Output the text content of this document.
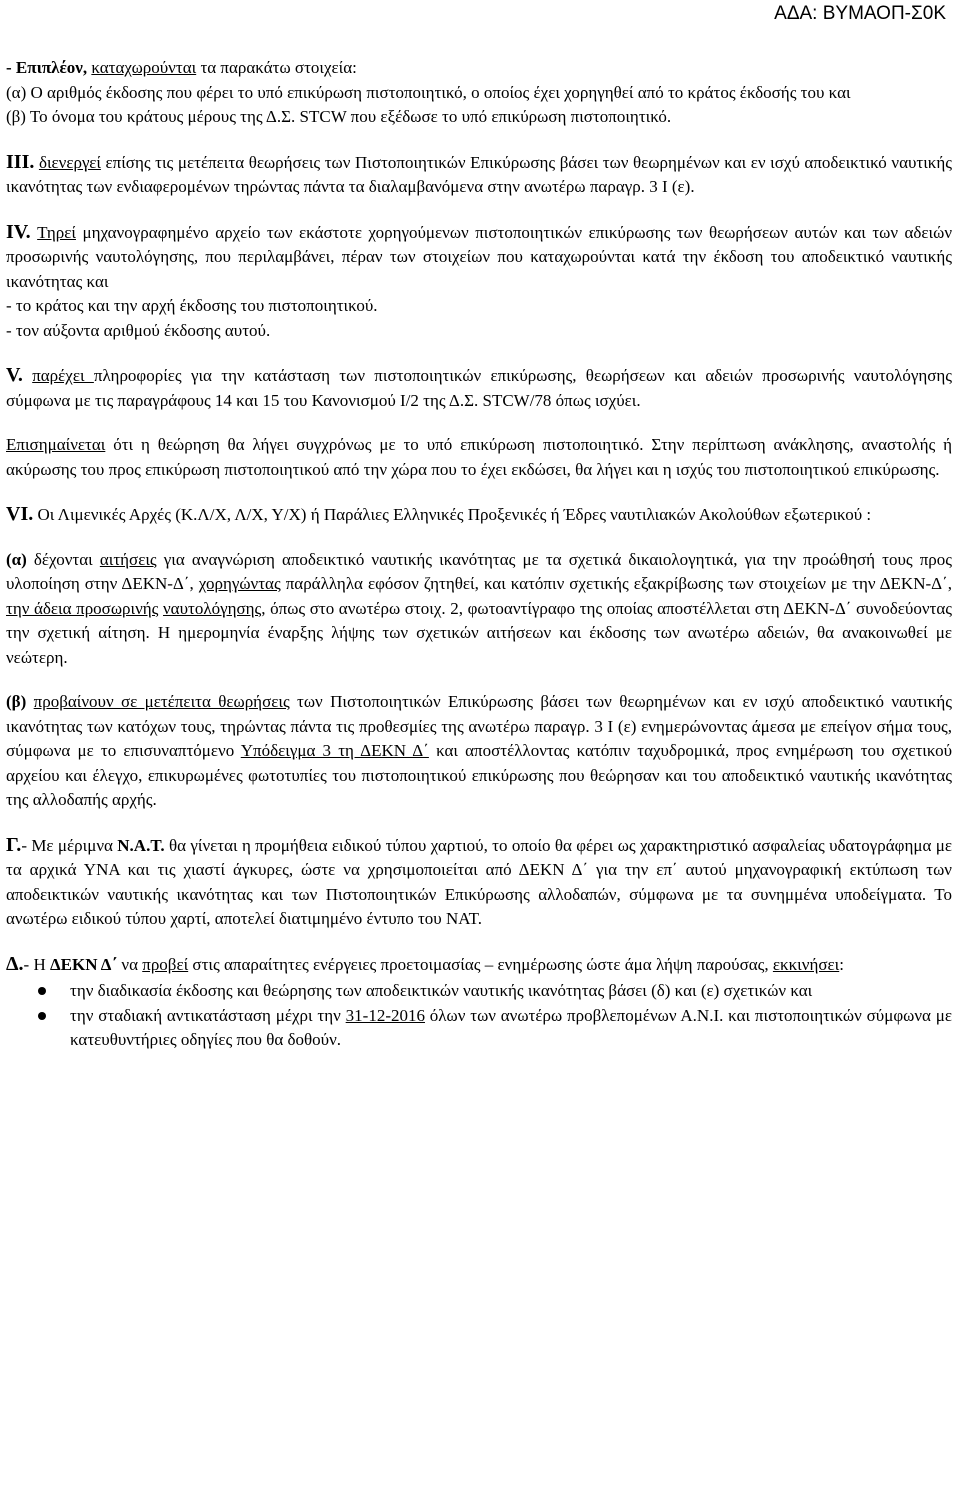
ΑΔΑ: ΒΥΜΑΟΠ-Σ0Κ

- Επιπλέον, καταχωρούνται τα παρακάτω στοιχεία:

(α) Ο αριθμός έκδοσης που φέρει το υπό επικύρωση πιστοποιητικό, ο οποίος έχει χορηγηθεί από το κράτος έκδοσής του και

(β) Το όνομα του κράτους μέρους της Δ.Σ. STCW που εξέδωσε το υπό επικύρωση πιστοποιητικό.

ΙΙΙ. διενεργεί επίσης τις μετέπειτα θεωρήσεις των Πιστοποιητικών Επικύρωσης βάσει των θεωρημένων και εν ισχύ αποδεικτικό ναυτικής ικανότητας των ενδιαφερομένων τηρώντας πάντα τα διαλαμβανόμενα στην ανωτέρω παραγρ. 3 Ι (ε).

IV. Τηρεί μηχανογραφημένο αρχείο των εκάστοτε χορηγούμενων πιστοποιητικών επικύρωσης των θεωρήσεων αυτών και των αδειών προσωρινής ναυτολόγησης, που περιλαμβάνει, πέραν των στοιχείων που καταχωρούνται κατά την έκδοση του αποδεικτικό ναυτικής ικανότητας και

- το κράτος και την αρχή έκδοσης του πιστοποιητικού.

- τον αύξοντα αριθμού έκδοσης αυτού.

V. παρέχει πληροφορίες για την κατάσταση των πιστοποιητικών επικύρωσης, θεωρήσεων και αδειών προσωρινής ναυτολόγησης σύμφωνα με τις παραγράφους 14 και 15 του Κανονισμού Ι/2 της Δ.Σ. STCW/78 όπως ισχύει.

Επισημαίνεται ότι η θεώρηση θα λήγει συγχρόνως με το υπό επικύρωση πιστοποιητικό. Στην περίπτωση ανάκλησης, αναστολής ή ακύρωσης του προς επικύρωση πιστοποιητικού από την χώρα που το έχει εκδώσει, θα λήγει και η ισχύς του πιστοποιητικού επικύρωσης.

VI. Οι Λιμενικές Αρχές (Κ.Λ/Χ, Λ/Χ, Υ/Χ) ή Παράλιες Ελληνικές Προξενικές ή Έδρες ναυτιλιακών Ακολούθων εξωτερικού :

(α) δέχονται αιτήσεις για αναγνώριση αποδεικτικό ναυτικής ικανότητας με τα σχετικά δικαιολογητικά, για την προώθησή τους προς υλοποίηση στην ΔΕΚΝ-Δ΄, χορηγώντας παράλληλα εφόσον ζητηθεί, και κατόπιν σχετικής εξακρίβωσης των στοιχείων με την ΔΕΚΝ-Δ΄, την άδεια προσωρινής ναυτολόγησης, όπως στο ανωτέρω στοιχ. 2, φωτοαντίγραφο της οποίας αποστέλλεται στη ΔΕΚΝ-Δ΄ συνοδεύοντας την σχετική αίτηση. Η ημερομηνία έναρξης λήψης των σχετικών αιτήσεων και έκδοσης των ανωτέρω αδειών, θα ανακοινωθεί με νεώτερη.

(β) προβαίνουν σε μετέπειτα θεωρήσεις των Πιστοποιητικών Επικύρωσης βάσει των θεωρημένων και εν ισχύ αποδεικτικό ναυτικής ικανότητας των κατόχων τους, τηρώντας πάντα τις προθεσμίες της ανωτέρω παραγρ. 3 Ι (ε) ενημερώνοντας άμεσα με επείγον σήμα τους, σύμφωνα με το επισυναπτόμενο Υπόδειγμα 3 τη ΔΕΚΝ Δ΄ και αποστέλλοντας κατόπιν ταχυδρομικά, προς ενημέρωση του σχετικού αρχείου και έλεγχο, επικυρωμένες φωτοτυπίες του πιστοποιητικού επικύρωσης που θεώρησαν και του αποδεικτικό ναυτικής ικανότητας της αλλοδαπής αρχής.

Γ.- Με μέριμνα Ν.Α.Τ. θα γίνεται η προμήθεια ειδικού τύπου χαρτιού, το οποίο θα φέρει ως χαρακτηριστικό ασφαλείας υδατογράφημα με τα αρχικά ΥΝΑ και τις χιαστί άγκυρες, ώστε να χρησιμοποιείται από ΔΕΚΝ Δ΄ για την επ΄ αυτού μηχανογραφική εκτύπωση των αποδεικτικών ναυτικής ικανότητας και των Πιστοποιητικών Επικύρωσης αλλοδαπών, σύμφωνα με τα συνημμένα υποδείγματα. Το ανωτέρω ειδικού τύπου χαρτί, αποτελεί διατιμημένο έντυπο του ΝΑΤ.

Δ.- Η ΔΕΚΝ Δ΄ να προβεί στις απαραίτητες ενέργειες προετοιμασίας – ενημέρωσης ώστε άμα λήψη παρούσας, εκκινήσει:

την διαδικασία έκδοσης και θεώρησης των αποδεικτικών ναυτικής ικανότητας βάσει (δ) και (ε) σχετικών και
την σταδιακή αντικατάσταση μέχρι την 31-12-2016 όλων των ανωτέρω προβλεπομένων Α.Ν.Ι. και πιστοποιητικών σύμφωνα με κατευθυντήριες οδηγίες που θα δοθούν.
